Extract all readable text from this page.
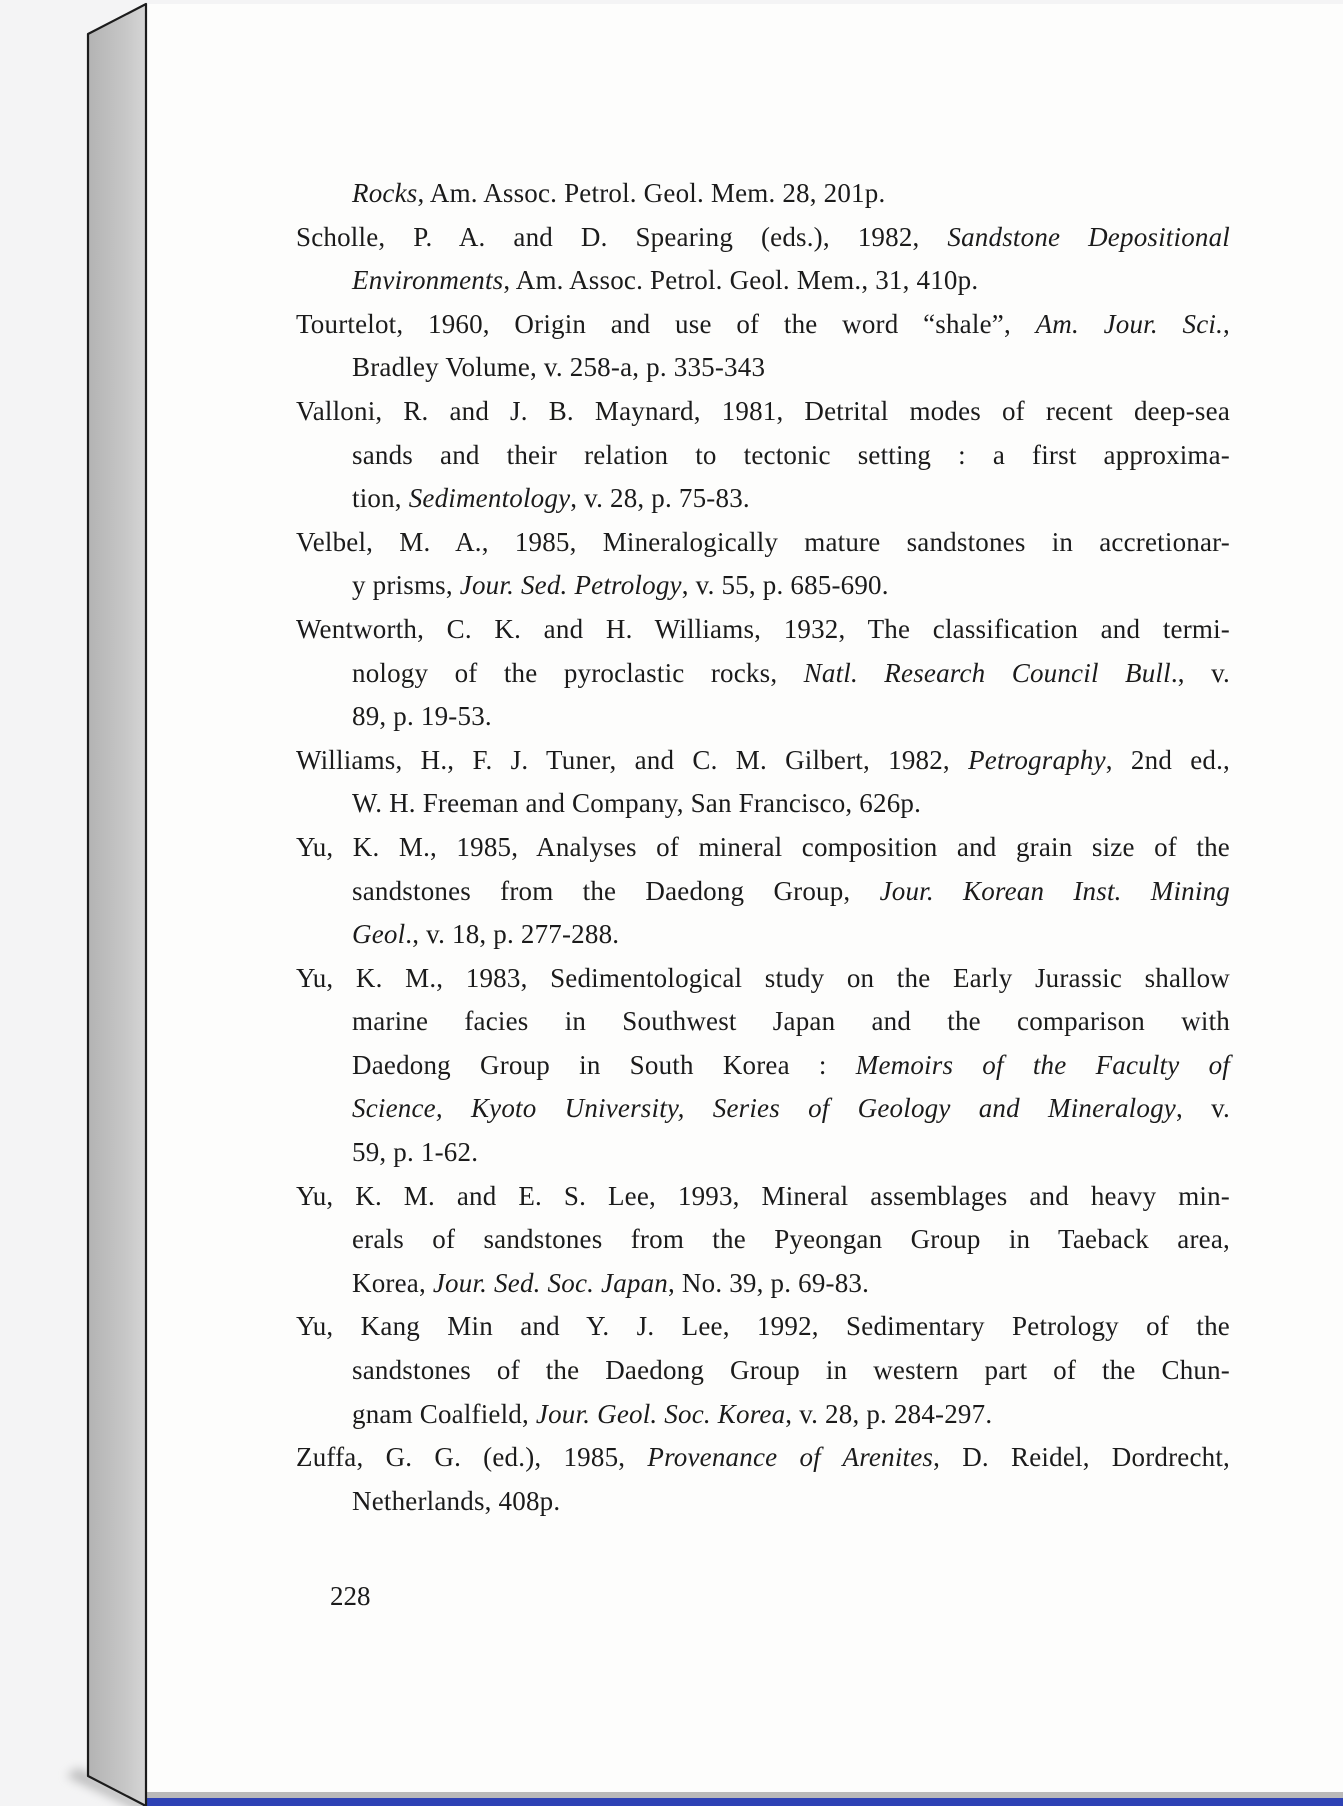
Rocks, Am. Assoc. Petrol. Geol. Mem. 28, 201p.
Scholle, P. A. and D. Spearing (eds.), 1982, Sandstone Depositional
Environments, Am. Assoc. Petrol. Geol. Mem., 31, 410p.
Tourtelot, 1960, Origin and use of the word “shale”, Am. Jour. Sci.,
Bradley Volume, v. 258-a, p. 335-343
Valloni, R. and J. B. Maynard, 1981, Detrital modes of recent deep-sea
sands and their relation to tectonic setting : a first approxima-
tion, Sedimentology, v. 28, p. 75-83.
Velbel, M. A., 1985, Mineralogically mature sandstones in accretionar-
y prisms, Jour. Sed. Petrology, v. 55, p. 685-690.
Wentworth, C. K. and H. Williams, 1932, The classification and termi-
nology of the pyroclastic rocks, Natl. Research Council Bull., v.
89, p. 19-53.
Williams, H., F. J. Tuner, and C. M. Gilbert, 1982, Petrography, 2nd ed.,
W. H. Freeman and Company, San Francisco, 626p.
Yu, K. M., 1985, Analyses of mineral composition and grain size of the
sandstones from the Daedong Group, Jour. Korean Inst. Mining
Geol., v. 18, p. 277-288.
Yu, K. M., 1983, Sedimentological study on the Early Jurassic shallow
marine facies in Southwest Japan and the comparison with
Daedong Group in South Korea : Memoirs of the Faculty of
Science, Kyoto University, Series of Geology and Mineralogy, v.
59, p. 1-62.
Yu, K. M. and E. S. Lee, 1993, Mineral assemblages and heavy min-
erals of sandstones from the Pyeongan Group in Taeback area,
Korea, Jour. Sed. Soc. Japan, No. 39, p. 69-83.
Yu, Kang Min and Y. J. Lee, 1992, Sedimentary Petrology of the
sandstones of the Daedong Group in western part of the Chun-
gnam Coalfield, Jour. Geol. Soc. Korea, v. 28, p. 284-297.
Zuffa, G. G. (ed.), 1985, Provenance of Arenites, D. Reidel, Dordrecht,
Netherlands, 408p.
228
